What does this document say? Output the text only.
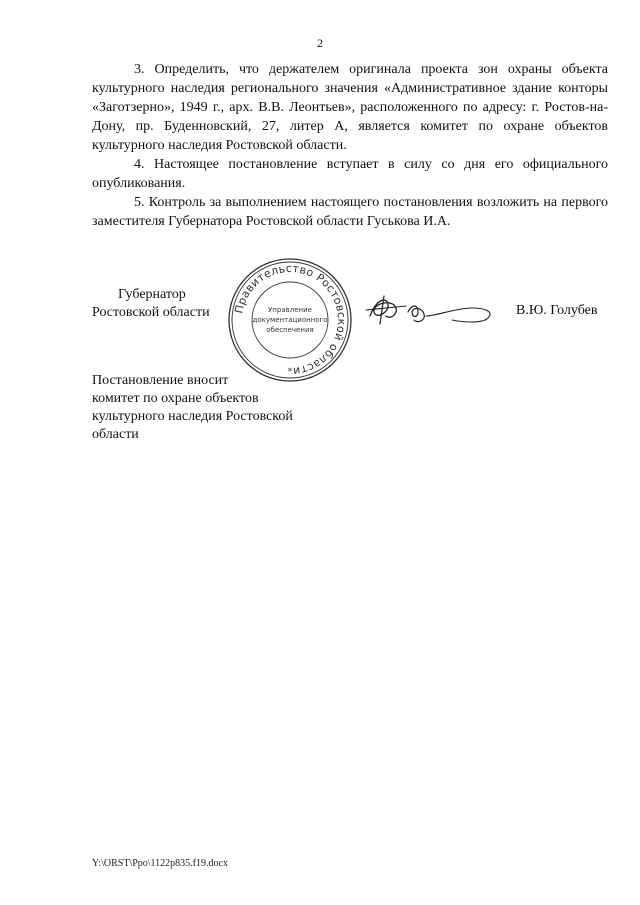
2

3. Определить, что держателем оригинала проекта зон охраны объекта культурного наследия регионального значения «Административное здание конторы «Заготзерно», 1949 г., арх. В.В. Леонтьев», расположенного по адресу: г. Ростов-на-Дону, пр. Буденновский, 27, литер А, является комитет по охране объектов культурного наследия Ростовской области.

4. Настоящее постановление вступает в силу со дня его официального опубликования.

5. Контроль за выполнением настоящего постановления возложить на первого заместителя Губернатора Ростовской области Гуськова И.А.

Губернатор
Ростовской области Правительство Ростовской области
Управление
документационного
обеспечения
*
В.Ю. Голубев
Постановление вносит
комитет по охране объектов
культурного наследия Ростовской
области
Y:\ORST\Ppo\1122p835.f19.docx
